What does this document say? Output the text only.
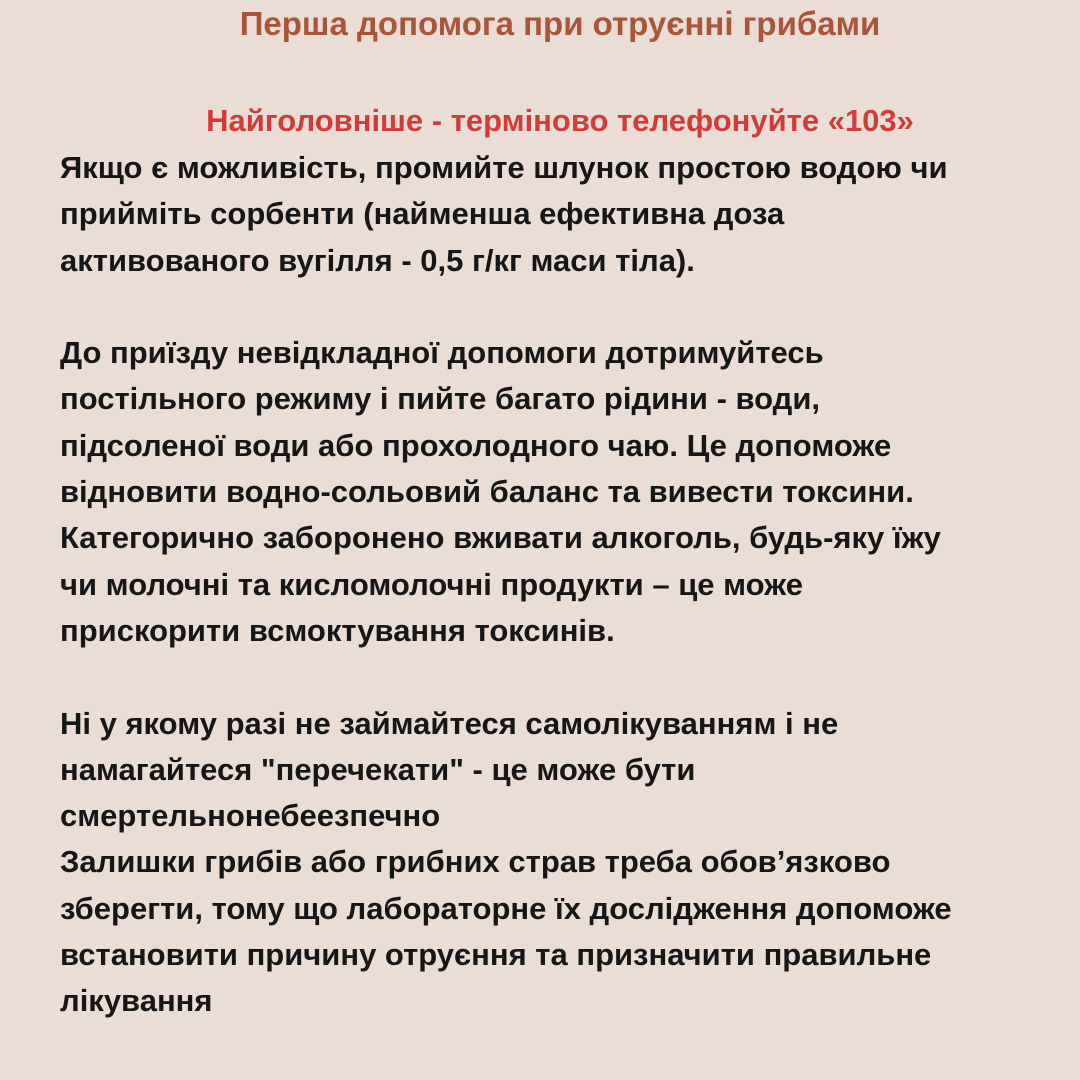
Перша допомога при отруєнні грибами
Найголовніше - терміново телефонуйте «103»
Якщо є можливість, промийте шлунок простою водою чи
прийміть сорбенти (найменша ефективна доза
активованого вугілля - 0,5 г/кг маси тіла).
До приїзду невідкладної допомоги дотримуйтесь
постільного режиму і пийте багато рідини - води,
підсоленої води або прохолодного чаю. Це допоможе
відновити водно-сольовий баланс та вивести токсини.
Категорично заборонено вживати алкоголь, будь-яку їжу
чи молочні та кисломолочні продукти – це може
прискорити всмоктування токсинів.
Ні у якому разі не займайтеся самолікуванням і не
намагайтеся "перечекати" - це може бути
смертельнонебеезпечно
Залишки грибів або грибних страв треба обов’язково
зберегти, тому що лабораторне їх дослідження допоможе
встановити причину отруєння та призначити правильне
лікування
